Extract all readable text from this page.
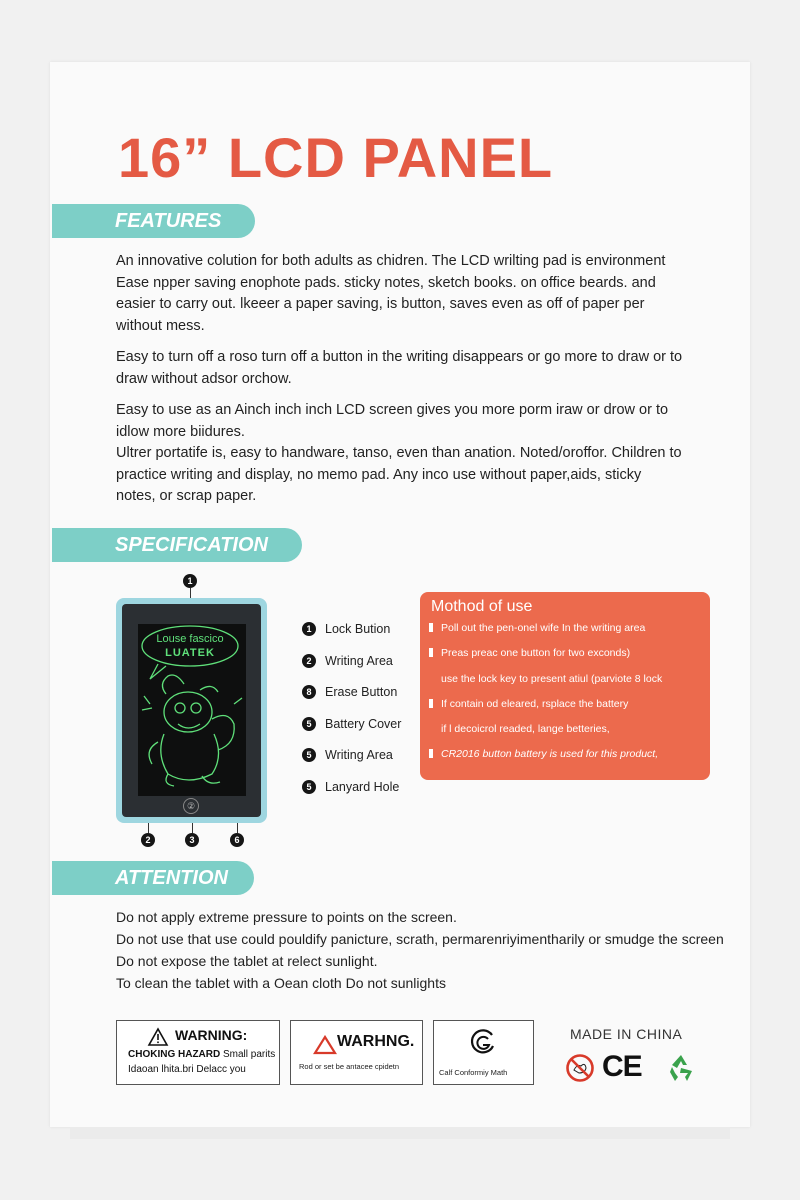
16” LCD PANEL
FEATURES

An innovative colution for both adults as chidren. The LCD wrilting pad is environment
Ease npper saving enophote pads. sticky notes, sketch books. on office beards. and
easier to carry out. lkeeer a paper saving, is button, saves even as off of paper per
without mess.

Easy to turn off a roso turn off a button in the writing disappears or go more to draw or to
draw without adsor orchow.

Easy to use as an Ainch inch inch LCD screen gives you more porm iraw or drow or to
idlow more biidures.

Ultrer portatife is, easy to handware, tanso, even than anation. Noted/oroffor. Children to
practice writing and display, no memo pad. Any inco use without paper,aids, sticky
notes, or scrap paper.

SPECIFICATION
1
Louse fascico
LUATEK
②
2	3	6
1	Lock Bution
2	Writing Area
8	Erase Button
5	Battery Cover
5	Writing Area
5	Lanyard Hole
Mothod of use
Poll out the pen-onel wife In the writing area
Preas preac one button for two exconds)
use the lock key to present atiul (parviote 8 lock
If contain od eleared, rsplace the battery
if l decoicrol readed, lange betteries,
CR2016 button battery is used for this product,
ATTENTION

Do not apply extreme pressure to points on the screen.

Do not use that use could pouldify panicture, scrath, permarenriyimentharily or smudge the screen

Do not expose the tablet at relect sunlight.

To clean the tablet with a Oean cloth Do not sunlights

WARNING:
CHOKING HAZARD Small parits
Idaoan lhita.bri Delacc you
WARHNG.
Rod or set be antacee cpidetn
Calf Conformiy Math
MADE IN CHINA
CE
